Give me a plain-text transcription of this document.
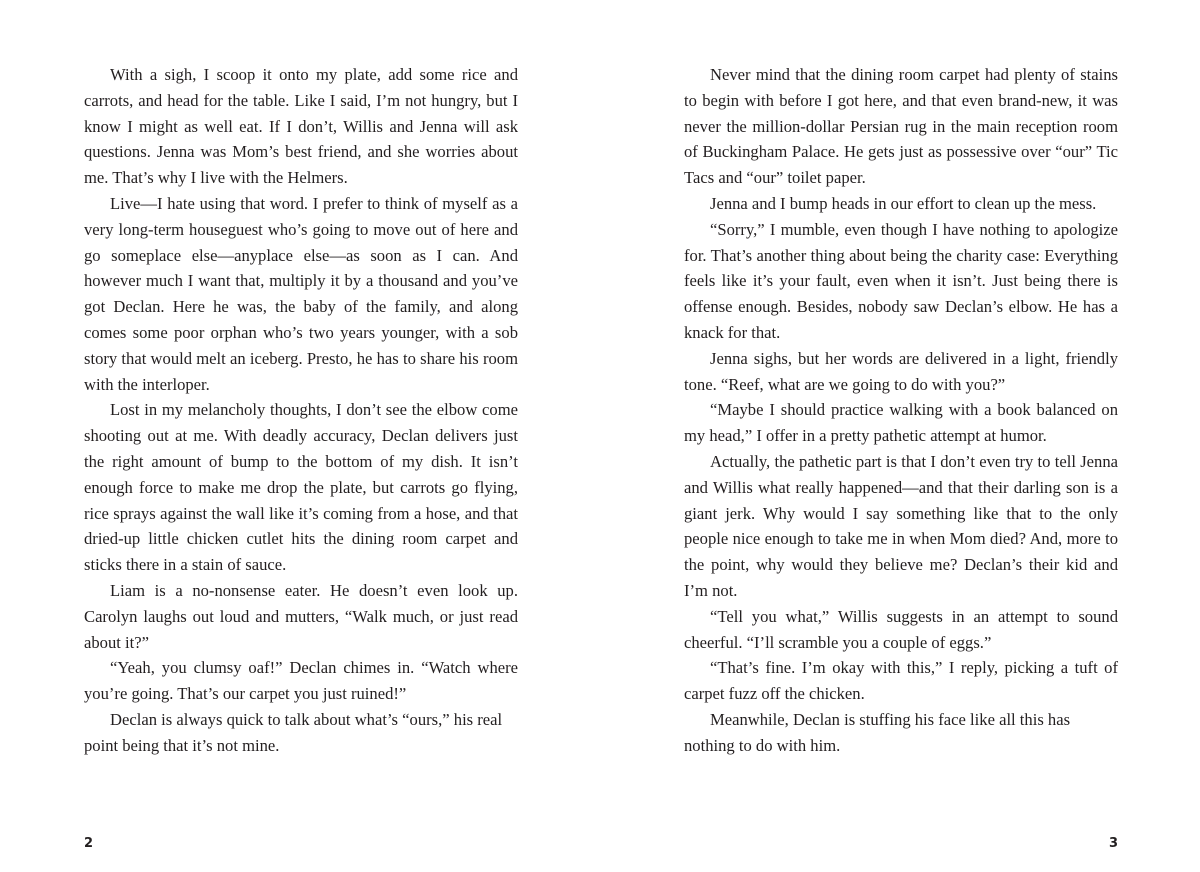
With a sigh, I scoop it onto my plate, add some rice and carrots, and head for the table. Like I said, I’m not hungry, but I know I might as well eat. If I don’t, Willis and Jenna will ask questions. Jenna was Mom’s best friend, and she worries about me. That’s why I live with the Helmers.

Live—I hate using that word. I prefer to think of myself as a very long-term houseguest who’s going to move out of here and go someplace else—anyplace else—as soon as I can. And however much I want that, multiply it by a thousand and you’ve got Declan. Here he was, the baby of the family, and along comes some poor orphan who’s two years younger, with a sob story that would melt an iceberg. Presto, he has to share his room with the interloper.

Lost in my melancholy thoughts, I don’t see the elbow come shooting out at me. With deadly accuracy, Declan delivers just the right amount of bump to the bottom of my dish. It isn’t enough force to make me drop the plate, but carrots go flying, rice sprays against the wall like it’s coming from a hose, and that dried-up little chicken cutlet hits the dining room carpet and sticks there in a stain of sauce.

Liam is a no-nonsense eater. He doesn’t even look up. Carolyn laughs out loud and mutters, “Walk much, or just read about it?”

“Yeah, you clumsy oaf!” Declan chimes in. “Watch where you’re going. That’s our carpet you just ruined!”

Declan is always quick to talk about what’s “ours,” his real point being that it’s not mine.

2

Never mind that the dining room carpet had plenty of stains to begin with before I got here, and that even brand-new, it was never the million-dollar Persian rug in the main reception room of Buckingham Palace. He gets just as possessive over “our” Tic Tacs and “our” toilet paper.

Jenna and I bump heads in our effort to clean up the mess.

“Sorry,” I mumble, even though I have nothing to apologize for. That’s another thing about being the charity case: Everything feels like it’s your fault, even when it isn’t. Just being there is offense enough. Besides, nobody saw Declan’s elbow. He has a knack for that.

Jenna sighs, but her words are delivered in a light, friendly tone. “Reef, what are we going to do with you?”

“Maybe I should practice walking with a book balanced on my head,” I offer in a pretty pathetic attempt at humor.

Actually, the pathetic part is that I don’t even try to tell Jenna and Willis what really happened—and that their darling son is a giant jerk. Why would I say something like that to the only people nice enough to take me in when Mom died? And, more to the point, why would they believe me? Declan’s their kid and I’m not.

“Tell you what,” Willis suggests in an attempt to sound cheerful. “I’ll scramble you a couple of eggs.”

“That’s fine. I’m okay with this,” I reply, picking a tuft of carpet fuzz off the chicken.

Meanwhile, Declan is stuffing his face like all this has nothing to do with him.

3
